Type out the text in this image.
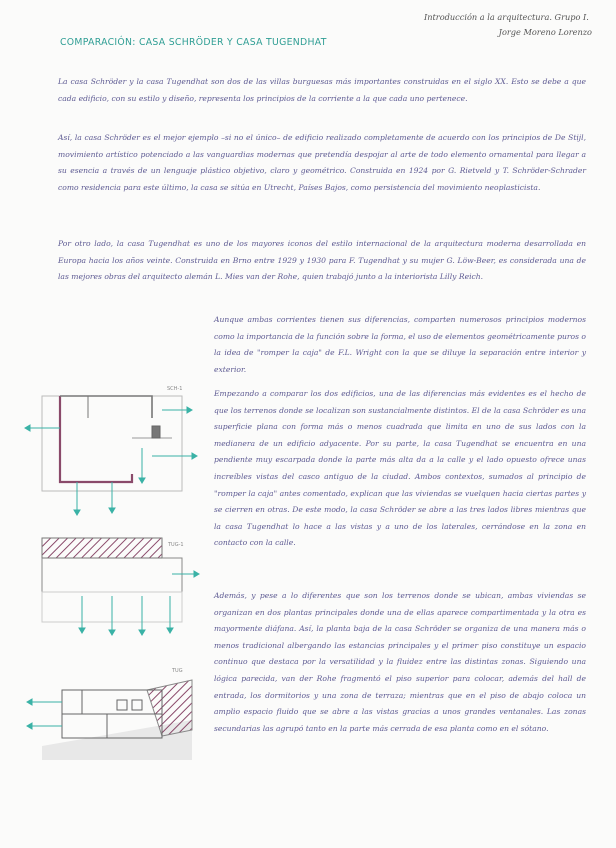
Introducción a la arquitectura. Grupo I.
Jorge Moreno Lorenzo
COMPARACIÓN: CASA SCHRÖDER Y CASA TUGENDHAT

La casa Schröder y la casa Tugendhat son dos de las villas burguesas más importantes construidas en el siglo XX. Esto se debe a que cada edificio, con su estilo y diseño, representa los principios de la corriente a la que cada uno pertenece.

Así, la casa Schröder es el mejor ejemplo –si no el único– de edificio realizado completamente de acuerdo con los principios de De Stijl, movimiento artístico potenciado a las vanguardias modernas que pretendía despojar al arte de todo elemento ornamental para llegar a su esencia a través de un lenguaje plástico objetivo, claro y geométrico. Construida en 1924 por G. Rietveld y T. Schröder-Schrader como residencia para este último, la casa se sitúa en Utrecht, Países Bajos, como persistencia del movimiento neoplasticista.

Por otro lado, la casa Tugendhat es uno de los mayores iconos del estilo internacional de la arquitectura moderna desarrollada en Europa hacia los años veinte. Construida en Brno entre 1929 y 1930 para F. Tugendhat y su mujer G. Löw-Beer, es considerada una de las mejores obras del arquitecto alemán L. Mies van der Rohe, quien trabajó junto a la interiorista Lilly Reich.

Aunque ambas corrientes tienen sus diferencias, comparten numerosos principios modernos como la importancia de la función sobre la forma, el uso de elementos geométricamente puros o la idea de "romper la caja" de F.L. Wright con la que se diluye la separación entre interior y exterior.

Empezando a comparar los dos edificios, una de las diferencias más evidentes es el hecho de que los terrenos donde se localizan son sustancialmente distintos. El de la casa Schröder es una superficie plana con forma más o menos cuadrada que limita en uno de sus lados con la medianera de un edificio adyacente. Por su parte, la casa Tugendhat se encuentra en una pendiente muy escarpada donde la parte más alta da a la calle y el lado opuesto ofrece unas increíbles vistas del casco antiguo de la ciudad. Ambos contextos, sumados al principio de "romper la caja" antes comentado, explican que las viviendas se vuelquen hacia ciertas partes y se cierren en otras. De este modo, la casa Schröder se abre a las tres lados libres mientras que la casa Tugendhat lo hace a las vistas y a uno de los laterales, cerrándose en la zona en contacto con la calle.

Además, y pese a lo diferentes que son los terrenos donde se ubican, ambas viviendas se organizan en dos plantas principales donde una de ellas aparece compartimentada y la otra es mayormente diáfana. Así, la planta baja de la casa Schröder se organiza de una manera más o menos tradicional albergando las estancias principales y el primer piso constituye un espacio continuo que destaca por la versatilidad y la fluidez entre las distintas zonas. Siguiendo una lógica parecida, van der Rohe fragmentó el piso superior para colocar, además del hall de entrada, los dormitorios y una zona de terraza; mientras que en el piso de abajo coloca un amplio espacio fluido que se abre a las vistas gracias a unos grandes ventanales. Las zonas secundarias las agrupó tanto en la parte más cerrada de esa planta como en el sótano.

SCH-1
TUG-1
TUG
